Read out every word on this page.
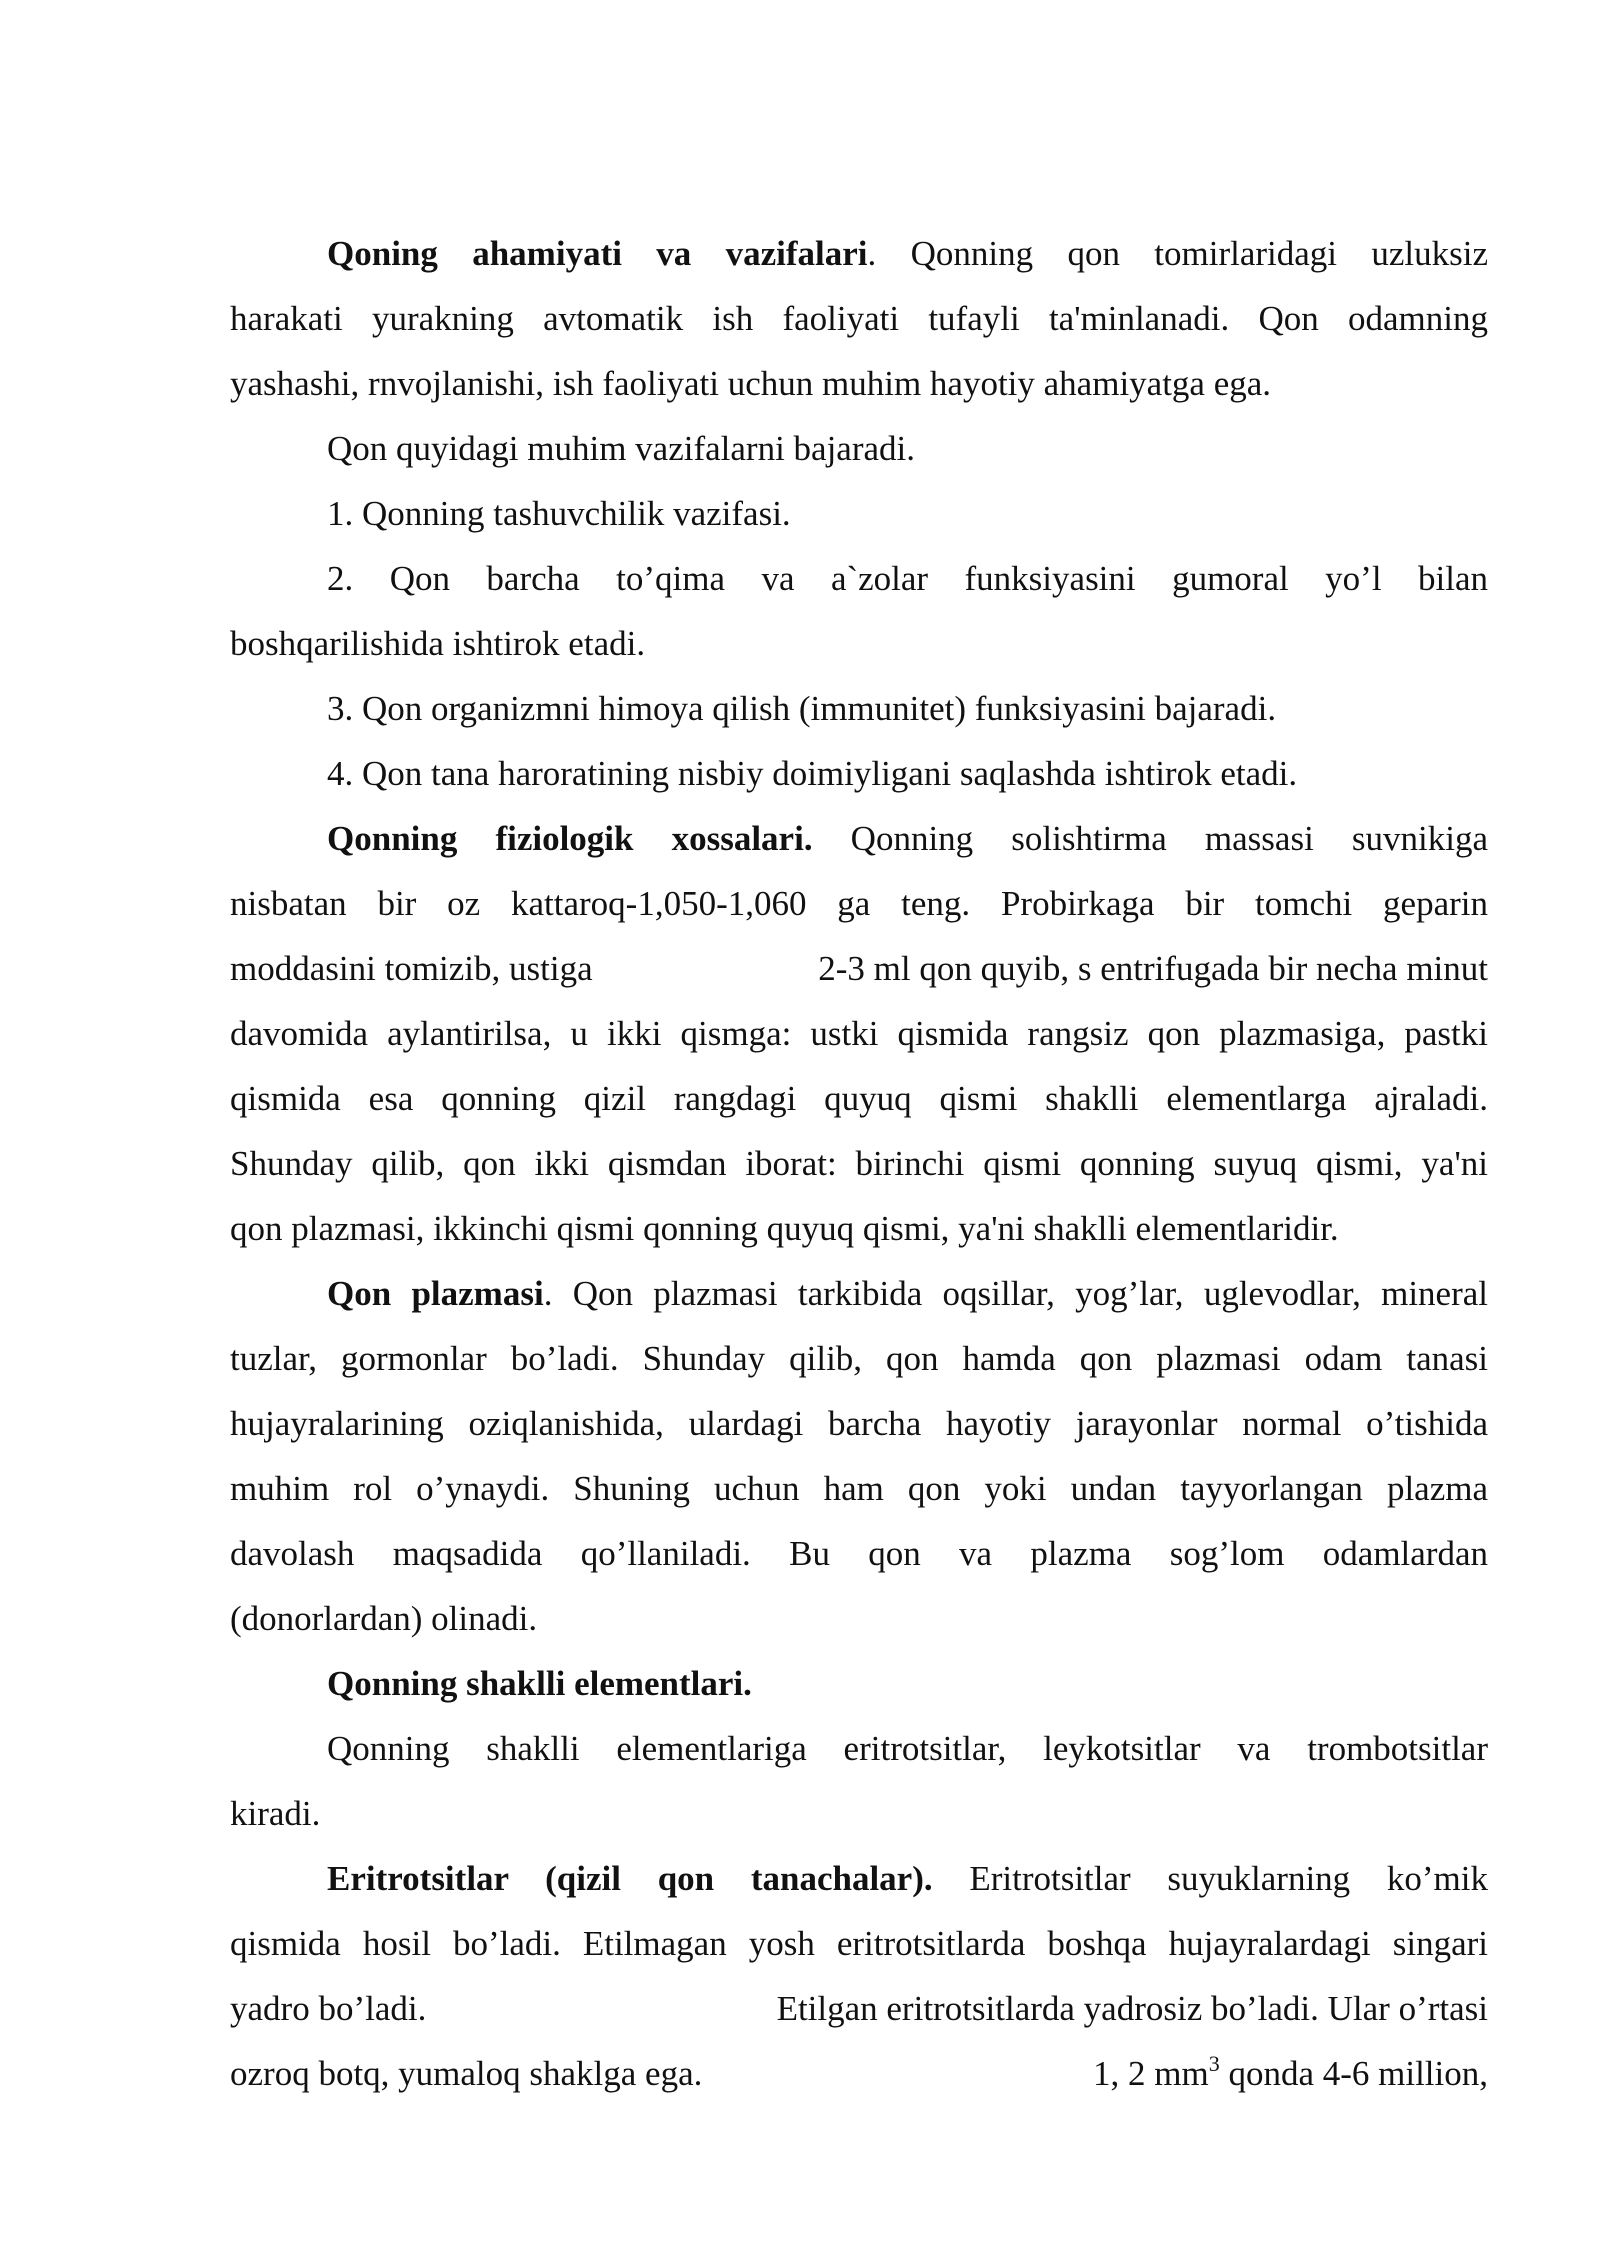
Qoning ahamiyati va vazifalari. Qonning qon tomirlaridagi uzluksiz
harakati yurakning avtomatik ish faoliyati tufayli ta'minlanadi. Qon odamning
yashashi, rnvojlanishi, ish faoliyati uchun muhim hayotiy ahamiyatga ega.
Qon quyidagi muhim vazifalarni bajaradi.
1. Qonning tashuvchilik vazifasi.
2. Qon barcha to’qima va a`zolar funksiyasini gumoral yo’l bilan
boshqarilishida ishtirok etadi.
3. Qon organizmni himoya qilish (immunitet) funksiyasini bajaradi.
4. Qon tana haroratining nisbiy doimiyligani saqlashda ishtirok etadi.
Qonning fiziologik xossalari. Qonning solishtirma massasi suvnikiga
nisbatan bir oz kattaroq-1,050-1,060 ga teng. Probirkaga bir tomchi geparin
moddasini tomizib, ustiga	2-3 ml qon quyib, s entrifugada bir necha minut
davomida aylantirilsa, u ikki qismga: ustki qismida rangsiz qon plazmasiga, pastki
qismida esa qonning qizil rangdagi quyuq qismi shaklli elementlarga ajraladi.
Shunday qilib, qon ikki qismdan iborat: birinchi qismi qonning suyuq qismi, ya'ni
qon plazmasi, ikkinchi qismi qonning quyuq qismi, ya'ni shaklli elementlaridir.
Qon plazmasi. Qon plazmasi tarkibida oqsillar, yog’lar, uglevodlar, mineral
tuzlar, gormonlar bo’ladi. Shunday qilib, qon hamda qon plazmasi odam tanasi
hujayralarining oziqlanishida, ulardagi barcha hayotiy jarayonlar normal o’tishida
muhim rol o’ynaydi. Shuning uchun ham qon yoki undan tayyorlangan plazma
davolash maqsadida qo’llaniladi. Bu qon va plazma sog’lom odamlardan
(donorlardan) olinadi.
Qonning shaklli elementlari.
Qonning shaklli elementlariga eritrotsitlar, leykotsitlar va trombotsitlar
kiradi.
Eritrotsitlar (qizil qon tanachalar). Eritrotsitlar suyuklarning ko’mik
qismida hosil bo’ladi. Etilmagan yosh eritrotsitlarda boshqa hujayralardagi singari
yadro bo’ladi.	Etilgan eritrotsitlarda yadrosiz bo’ladi. Ular o’rtasi
ozroq botq, yumaloq shaklga ega.	1, 2 $mm^3$ qonda 4-6 million,
